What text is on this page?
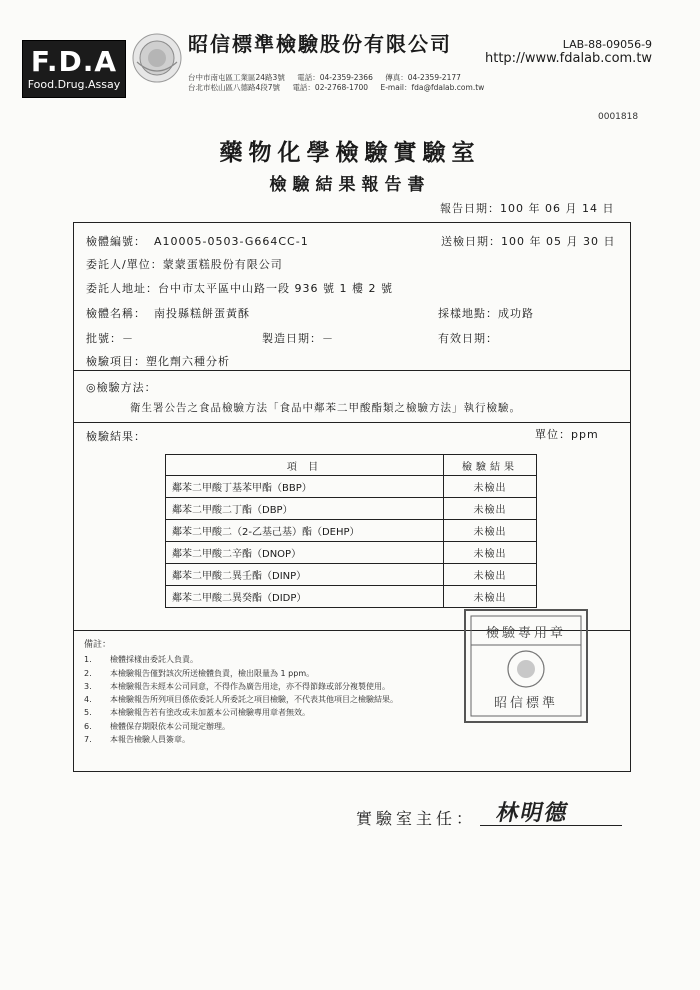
F.D.A
Food.Drug.Assay
昭信標準檢驗股份有限公司	LAB-88-09056-9
http://www.fdalab.com.tw
台中市南屯區工業區24路3號 電話：04-2359-2366 傳真：04-2359-2177
台北市松山區八德路4段7號 電話：02-2768-1700 E-mail：fda@fdalab.com.tw
0001818
藥物化學檢驗實驗室
檢驗結果報告書
報告日期：100 年 06 月 14 日
檢體編號： A10005-0503-G664CC-1	送檢日期：100 年 05 月 30 日
委託人/單位：蒙蒙蛋糕股份有限公司
委託人地址：台中市太平區中山路一段 936 號 1 樓 2 號
檢體名稱： 南投縣糕餅蛋黃酥	採樣地點：成功路
批號：－	製造日期：－	有效日期：
檢驗項目：塑化劑六種分析
◎檢驗方法：
衛生署公告之食品檢驗方法「食品中鄰苯二甲酸酯類之檢驗方法」執行檢驗。
檢驗結果：	單位：ppm
項 目	檢驗結果
鄰苯二甲酸丁基苯甲酯（BBP）	未檢出
鄰苯二甲酸二丁酯（DBP）	未檢出
鄰苯二甲酸二（2-乙基己基）酯（DEHP）	未檢出
鄰苯二甲酸二辛酯（DNOP）	未檢出
鄰苯二甲酸二異壬酯（DINP）	未檢出
鄰苯二甲酸二異癸酯（DIDP）	未檢出
備註：
1. 檢體採樣由委託人負責。
2. 本檢驗報告僅對該次所送檢體負責，檢出限量為 1 ppm。
3. 本檢驗報告未經本公司同意，不得作為廣告用途，亦不得節錄或部分複製使用。
4. 本檢驗報告所列項目係依委託人所委託之項目檢驗，不代表其他項目之檢驗結果。
5. 本檢驗報告若有塗改或未加蓋本公司檢驗專用章者無效。
6. 檢體保存期限依本公司規定辦理。
7. 本報告檢驗人員簽章。
檢驗專用章
昭信標準
實驗室主任： 林明德
